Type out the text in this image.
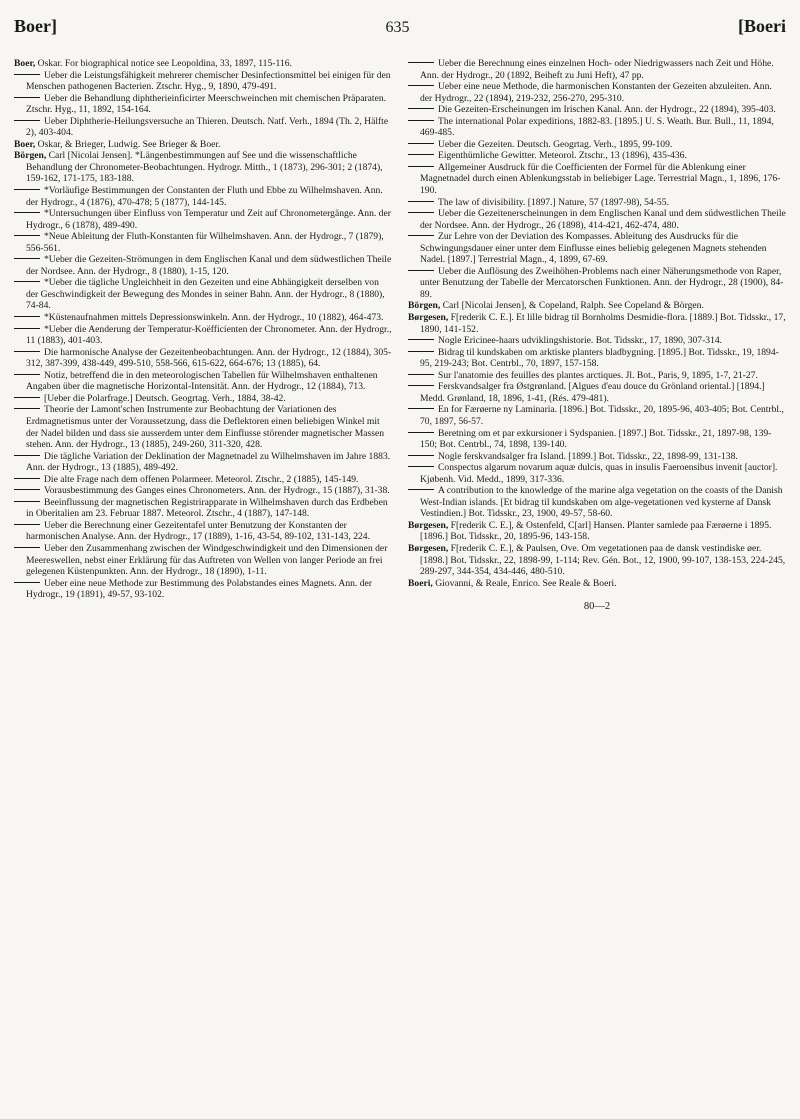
Boer]	635	[Boeri

Boer, Oskar. For biographical notice see Leopoldina, 33, 1897, 115-116.

Ueber die Leistungsfähigkeit mehrerer chemischer Desinfectionsmittel bei einigen für den Menschen pathogenen Bacterien. Ztschr. Hyg., 9, 1890, 479-491.

Ueber die Behandlung diphtherieinficirter Meerschweinchen mit chemischen Präparaten. Ztschr. Hyg., 11, 1892, 154-164.

Ueber Diphtherie-Heilungsversuche an Thieren. Deutsch. Natf. Verh., 1894 (Th. 2, Hälfte 2), 403-404.

Boer, Oskar, & Brieger, Ludwig. See Brieger & Boer.

Börgen, Carl [Nicolai Jensen]. *Längenbestimmungen auf See und die wissenschaftliche Behandlung der Chronometer-Beobachtungen. Hydrogr. Mitth., 1 (1873), 296-301; 2 (1874), 159-162, 171-175, 183-188.

*Vorläufige Bestimmungen der Constanten der Fluth und Ebbe zu Wilhelmshaven. Ann. der Hydrogr., 4 (1876), 470-478; 5 (1877), 144-145.

*Untersuchungen über Einfluss von Temperatur und Zeit auf Chronometergänge. Ann. der Hydrogr., 6 (1878), 489-490.

*Neue Ableitung der Fluth-Konstanten für Wilhelmshaven. Ann. der Hydrogr., 7 (1879), 556-561.

*Ueber die Gezeiten-Strömungen in dem Englischen Kanal und dem südwestlichen Theile der Nordsee. Ann. der Hydrogr., 8 (1880), 1-15, 120.

*Ueber die tägliche Ungleichheit in den Gezeiten und eine Abhängigkeit derselben von der Geschwindigkeit der Bewegung des Mondes in seiner Bahn. Ann. der Hydrogr., 8 (1880), 74-84.

*Küstenaufnahmen mittels Depressionswinkeln. Ann. der Hydrogr., 10 (1882), 464-473.

*Ueber die Aenderung der Temperatur-Koëfficienten der Chronometer. Ann. der Hydrogr., 11 (1883), 401-403.

Die harmonische Analyse der Gezeitenbeobachtungen. Ann. der Hydrogr., 12 (1884), 305-312, 387-399, 438-449, 499-510, 558-566, 615-622, 664-676; 13 (1885), 64.

Notiz, betreffend die in den meteorologischen Tabellen für Wilhelmshaven enthaltenen Angaben über die magnetische Horizontal-Intensität. Ann. der Hydrogr., 12 (1884), 713.

[Ueber die Polarfrage.] Deutsch. Geogrtag. Verh., 1884, 38-42.

Theorie der Lamont'schen Instrumente zur Beobachtung der Variationen des Erdmagnetismus unter der Voraussetzung, dass die Deflektoren einen beliebigen Winkel mit der Nadel bilden und dass sie ausserdem unter dem Einflusse störender magnetischer Massen stehen. Ann. der Hydrogr., 13 (1885), 249-260, 311-320, 428.

Die tägliche Variation der Deklination der Magnetnadel zu Wilhelmshaven im Jahre 1883. Ann. der Hydrogr., 13 (1885), 489-492.

Die alte Frage nach dem offenen Polarmeer. Meteorol. Ztschr., 2 (1885), 145-149.

Vorausbestimmung des Ganges eines Chronometers. Ann. der Hydrogr., 15 (1887), 31-38.

Beeinflussung der magnetischen Registrirapparate in Wilhelmshaven durch das Erdbeben in Oberitalien am 23. Februar 1887. Meteorol. Ztschr., 4 (1887), 147-148.

Ueber die Berechnung einer Gezeitentafel unter Benutzung der Konstanten der harmonischen Analyse. Ann. der Hydrogr., 17 (1889), 1-16, 43-54, 89-102, 131-143, 224.

Ueber den Zusammenhang zwischen der Windgeschwindigkeit und den Dimensionen der Meereswellen, nebst einer Erklärung für das Auftreten von Wellen von langer Periode an frei gelegenen Küstenpunkten. Ann. der Hydrogr., 18 (1890), 1-11.

Ueber eine neue Methode zur Bestimmung des Polabstandes eines Magnets. Ann. der Hydrogr., 19 (1891), 49-57, 93-102.

Ueber die Berechnung eines einzelnen Hoch- oder Niedrigwassers nach Zeit und Höhe. Ann. der Hydrogr., 20 (1892, Beiheft zu Juni Heft), 47 pp.

Ueber eine neue Methode, die harmonischen Konstanten der Gezeiten abzuleiten. Ann. der Hydrogr., 22 (1894), 219-232, 256-270, 295-310.

Die Gezeiten-Erscheinungen im Irischen Kanal. Ann. der Hydrogr., 22 (1894), 395-403.

The international Polar expeditions, 1882-83. [1895.] U. S. Weath. Bur. Bull., 11, 1894, 469-485.

Ueber die Gezeiten. Deutsch. Geogrtag. Verh., 1895, 99-109.

Eigenthümliche Gewitter. Meteorol. Ztschr., 13 (1896), 435-436.

Allgemeiner Ausdruck für die Coefficienten der Formel für die Ablenkung einer Magnetnadel durch einen Ablenkungsstab in beliebiger Lage. Terrestrial Magn., 1, 1896, 176-190.

The law of divisibility. [1897.] Nature, 57 (1897-98), 54-55.

Ueber die Gezeitenerscheinungen in dem Englischen Kanal und dem südwestlichen Theile der Nordsee. Ann. der Hydrogr., 26 (1898), 414-421, 462-474, 480.

Zur Lehre von der Deviation des Kompasses. Ableitung des Ausdrucks für die Schwingungsdauer einer unter dem Einflusse eines beliebig gelegenen Magnets stehenden Nadel. [1897.] Terrestrial Magn., 4, 1899, 67-69.

Ueber die Auflösung des Zweihöhen-Problems nach einer Näherungsmethode von Raper, unter Benutzung der Tabelle der Mercatorschen Funktionen. Ann. der Hydrogr., 28 (1900), 84-89.

Börgen, Carl [Nicolai Jensen], & Copeland, Ralph. See Copeland & Börgen.

Børgesen, F[rederik C. E.]. Et lille bidrag til Bornholms Desmidie-flora. [1889.] Bot. Tidsskr., 17, 1890, 141-152.

Nogle Ericinee-haars udviklingshistorie. Bot. Tidsskr., 17, 1890, 307-314.

Bidrag til kundskaben om arktiske planters bladbygning. [1895.] Bot. Tidsskr., 19, 1894-95, 219-243; Bot. Centrbl., 70, 1897, 157-158.

Sur l'anatomie des feuilles des plantes arctiques. Jl. Bot., Paris, 9, 1895, 1-7, 21-27.

Ferskvandsalger fra Østgrønland. [Algues d'eau douce du Grönland oriental.] [1894.] Medd. Grønland, 18, 1896, 1-41, (Rés. 479-481).

En for Færøerne ny Laminaria. [1896.] Bot. Tidsskr., 20, 1895-96, 403-405; Bot. Centrbl., 70, 1897, 56-57.

Beretning om et par exkursioner i Sydspanien. [1897.] Bot. Tidsskr., 21, 1897-98, 139-150; Bot. Centrbl., 74, 1898, 139-140.

Nogle ferskvandsalger fra Island. [1899.] Bot. Tidsskr., 22, 1898-99, 131-138.

Conspectus algarum novarum aquæ dulcis, quas in insulis Faeroensibus invenit [auctor]. Kjøbenh. Vid. Medd., 1899, 317-336.

A contribution to the knowledge of the marine alga vegetation on the coasts of the Danish West-Indian islands. [Et bidrag til kundskaben om alge-vegetationen ved kysterne af Dansk Vestindien.] Bot. Tidsskr., 23, 1900, 49-57, 58-60.

Børgesen, F[rederik C. E.], & Ostenfeld, C[arl] Hansen. Planter samlede paa Færøerne i 1895. [1896.] Bot. Tidsskr., 20, 1895-96, 143-158.

Børgesen, F[rederik C. E.], & Paulsen, Ove. Om vegetationen paa de dansk vestindiske øer. [1898.] Bot. Tidsskr., 22, 1898-99, 1-114; Rev. Gén. Bot., 12, 1900, 99-107, 138-153, 224-245, 289-297, 344-354, 434-446, 480-510.

Boeri, Giovanni, & Reale, Enrico. See Reale & Boeri.

80—2
